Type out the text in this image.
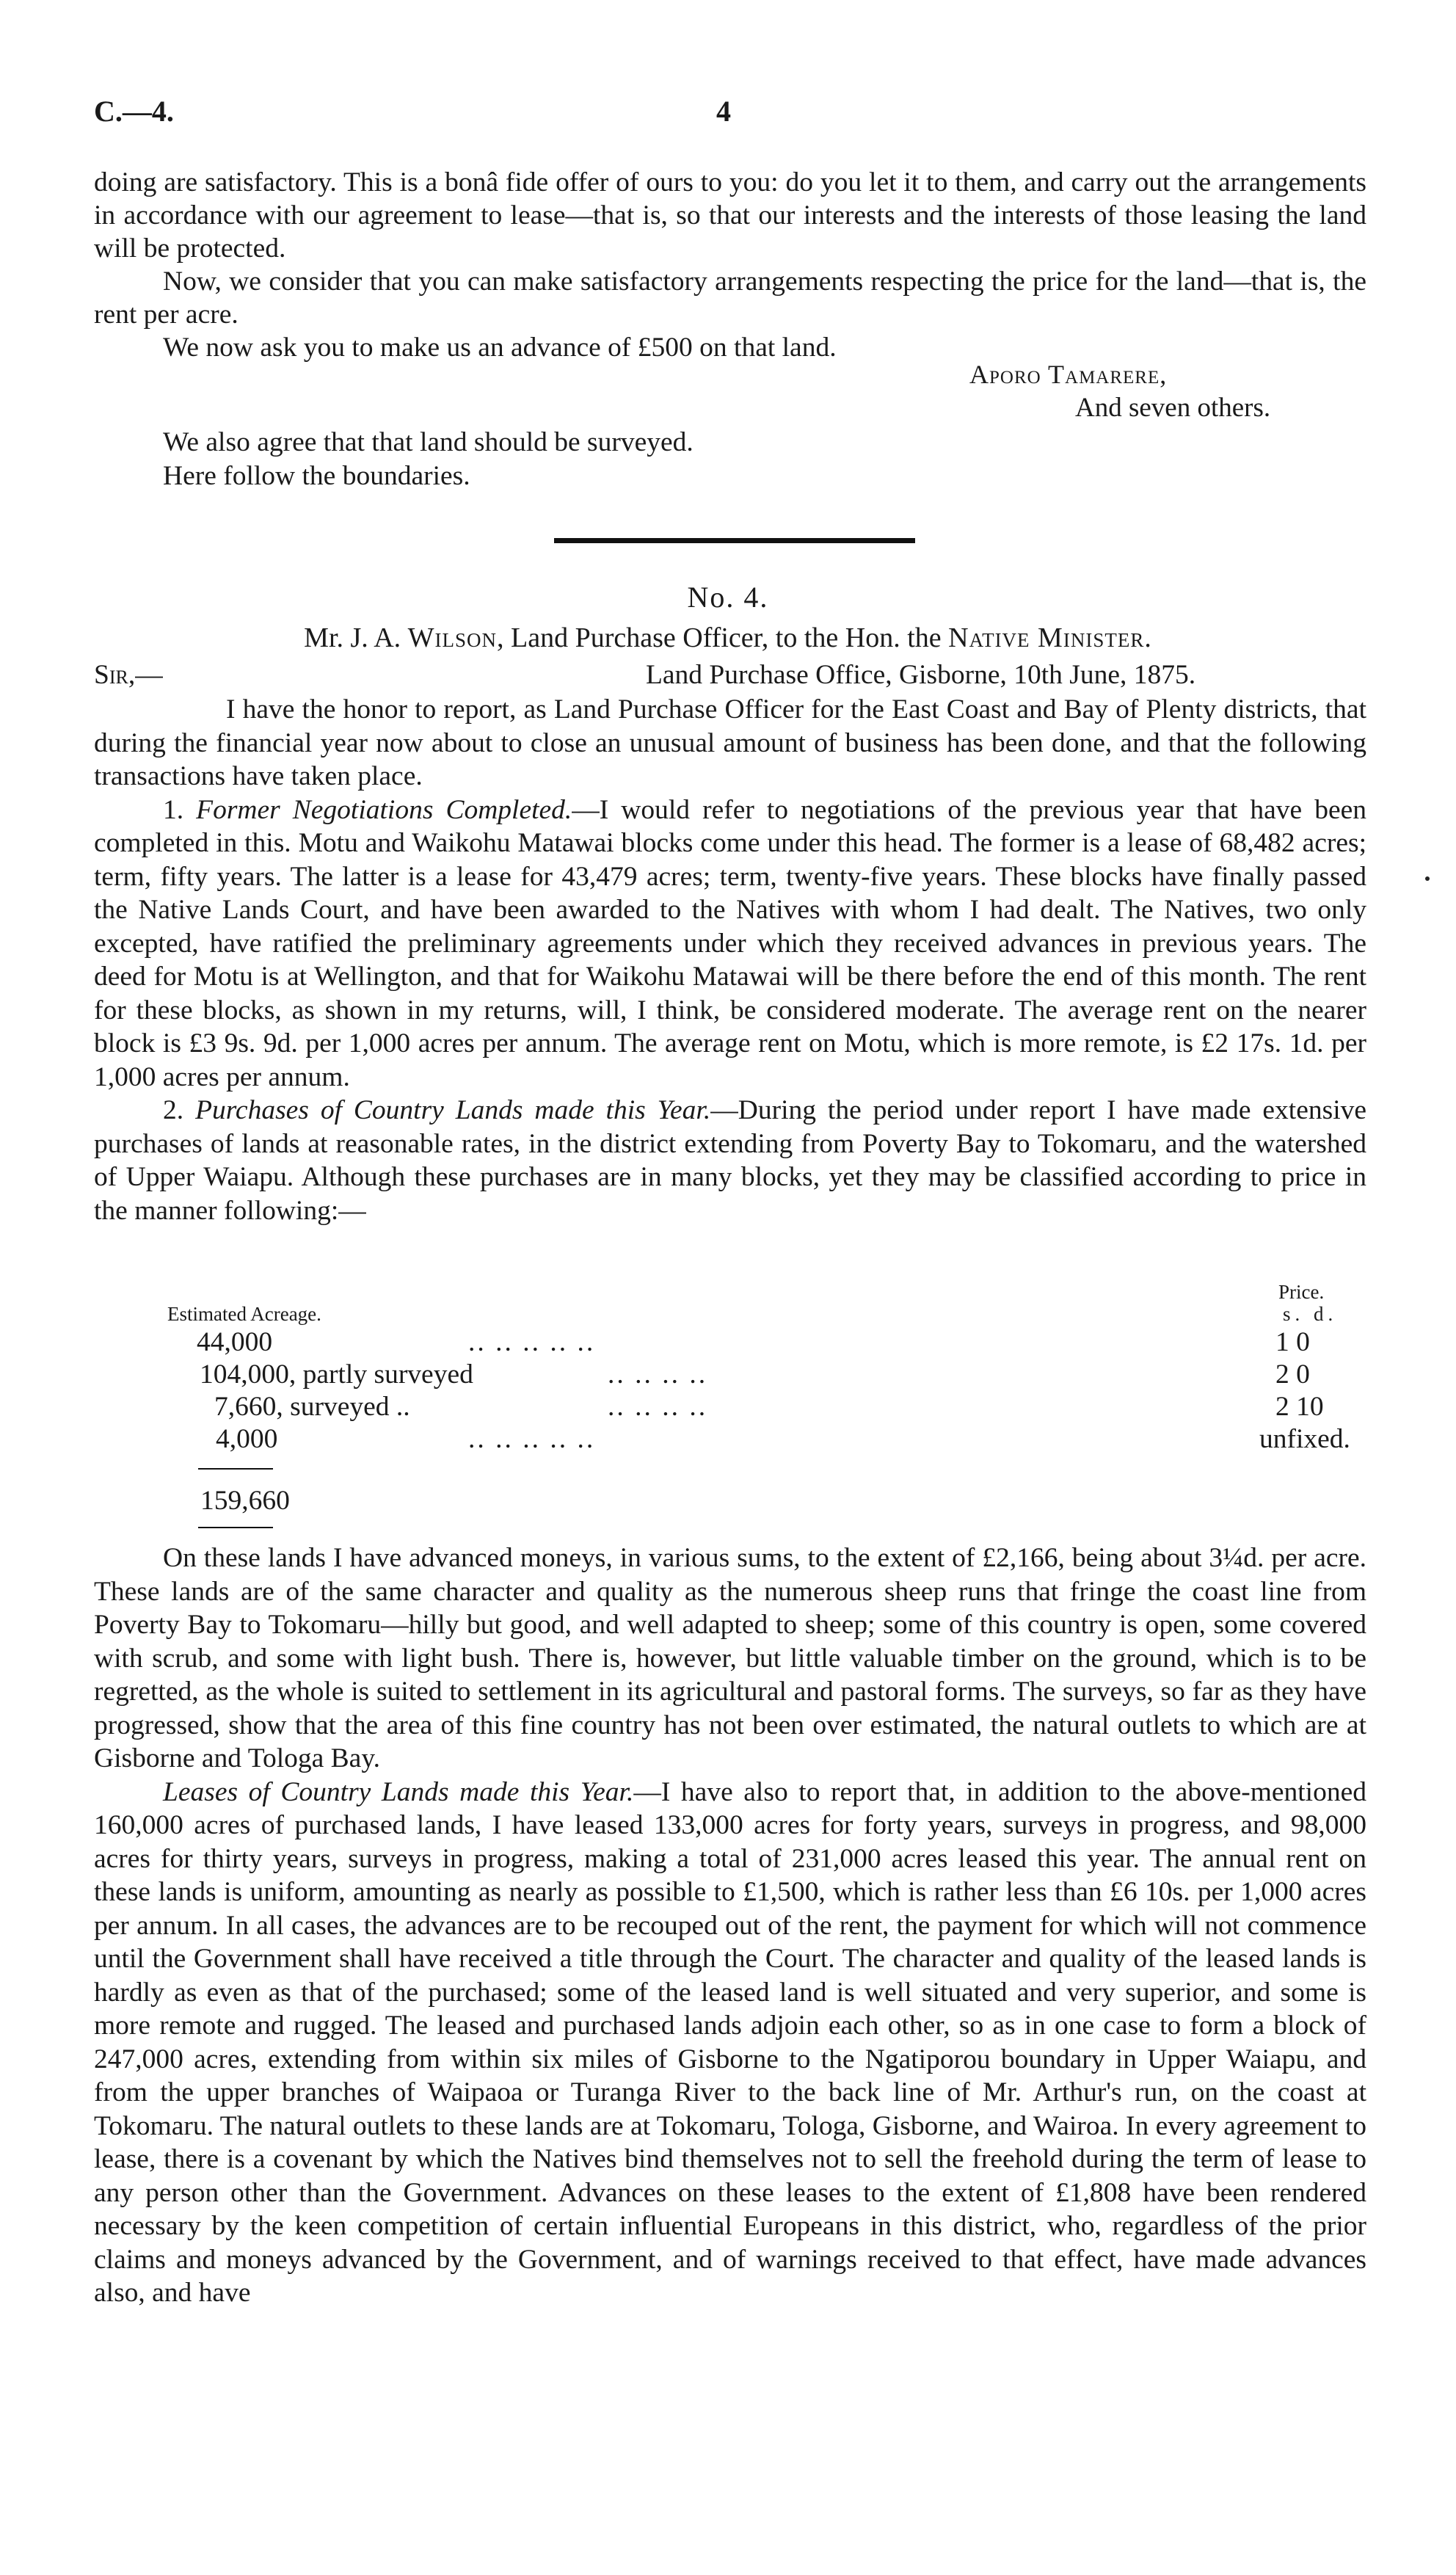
C.—4.	4

doing are satisfactory. This is a bonâ fide offer of ours to you: do you let it to them, and carry out the arrangements in accordance with our agreement to lease—that is, so that our interests and the interests of those leasing the land will be protected.

Now, we consider that you can make satisfactory arrangements respecting the price for the land—that is, the rent per acre.

We now ask you to make us an advance of £500 on that land.

Aporo Tamarere,
And seven others.
We also agree that that land should be surveyed.
Here follow the boundaries.
No. 4.
Mr. J. A. Wilson, Land Purchase Officer, to the Hon. the Native Minister.
Sir,—	Land Purchase Office, Gisborne, 10th June, 1875.

I have the honor to report, as Land Purchase Officer for the East Coast and Bay of Plenty districts, that during the financial year now about to close an unusual amount of business has been done, and that the following transactions have taken place.

1. Former Negotiations Completed.—I would refer to negotiations of the previous year that have been completed in this. Motu and Waikohu Matawai blocks come under this head. The former is a lease of 68,482 acres; term, fifty years. The latter is a lease for 43,479 acres; term, twenty-five years. These blocks have finally passed the Native Lands Court, and have been awarded to the Natives with whom I had dealt. The Natives, two only excepted, have ratified the preliminary agreements under which they received advances in previous years. The deed for Motu is at Wellington, and that for Waikohu Matawai will be there before the end of this month. The rent for these blocks, as shown in my returns, will, I think, be considered moderate. The average rent on the nearer block is £3 9s. 9d. per 1,000 acres per annum. The average rent on Motu, which is more remote, is £2 17s. 1d. per 1,000 acres per annum.

2. Purchases of Country Lands made this Year.—During the period under report I have made extensive purchases of lands at reasonable rates, in the district extending from Poverty Bay to Tokomaru, and the watershed of Upper Waiapu. Although these purchases are in many blocks, yet they may be classified according to price in the manner following:—

Price.
Estimated Acreage.	s. d.
44,000	.. .. .. .. ..	1 0
104,000, partly surveyed	.. .. .. ..	2 0
7,660, surveyed ..	.. .. .. ..	2 10
4,000	.. .. .. .. ..	unfixed.
159,660

On these lands I have advanced moneys, in various sums, to the extent of £2,166, being about 3¼d. per acre. These lands are of the same character and quality as the numerous sheep runs that fringe the coast line from Poverty Bay to Tokomaru—hilly but good, and well adapted to sheep; some of this country is open, some covered with scrub, and some with light bush. There is, however, but little valuable timber on the ground, which is to be regretted, as the whole is suited to settlement in its agricultural and pastoral forms. The surveys, so far as they have progressed, show that the area of this fine country has not been over estimated, the natural outlets to which are at Gisborne and Tologa Bay.

Leases of Country Lands made this Year.—I have also to report that, in addition to the above-mentioned 160,000 acres of purchased lands, I have leased 133,000 acres for forty years, surveys in progress, and 98,000 acres for thirty years, surveys in progress, making a total of 231,000 acres leased this year. The annual rent on these lands is uniform, amounting as nearly as possible to £1,500, which is rather less than £6 10s. per 1,000 acres per annum. In all cases, the advances are to be recouped out of the rent, the payment for which will not commence until the Government shall have received a title through the Court. The character and quality of the leased lands is hardly as even as that of the purchased; some of the leased land is well situated and very superior, and some is more remote and rugged. The leased and purchased lands adjoin each other, so as in one case to form a block of 247,000 acres, extending from within six miles of Gisborne to the Ngatiporou boundary in Upper Waiapu, and from the upper branches of Waipaoa or Turanga River to the back line of Mr. Arthur's run, on the coast at Tokomaru. The natural outlets to these lands are at Tokomaru, Tologa, Gisborne, and Wairoa. In every agreement to lease, there is a covenant by which the Natives bind themselves not to sell the freehold during the term of lease to any person other than the Government. Advances on these leases to the extent of £1,808 have been rendered necessary by the keen competition of certain influential Europeans in this district, who, regardless of the prior claims and moneys advanced by the Government, and of warnings received to that effect, have made advances also, and have
